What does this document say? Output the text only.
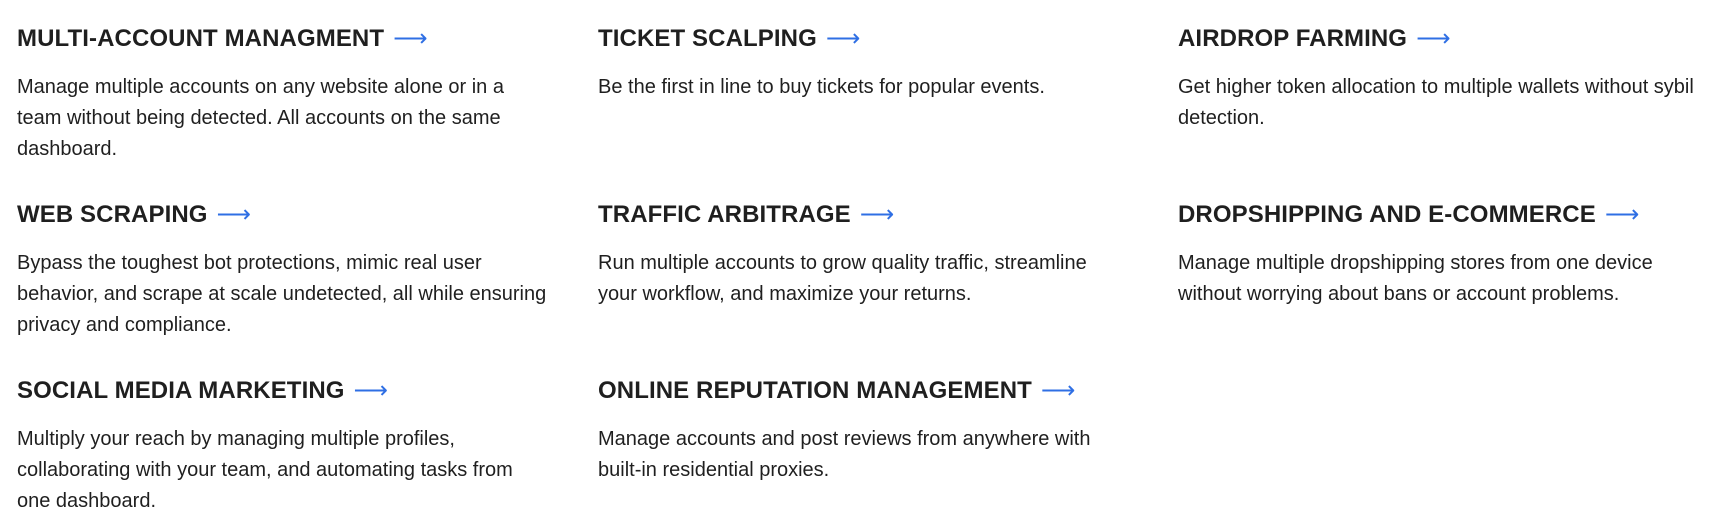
MULTI-ACCOUNT MANAGMENT ⟶

Manage multiple accounts on any website alone or in a team without being detected. All accounts on the same dashboard.

TICKET SCALPING ⟶

Be the first in line to buy tickets for popular events.

AIRDROP FARMING ⟶

Get higher token allocation to multiple wallets without sybil detection.

WEB SCRAPING ⟶

Bypass the toughest bot protections, mimic real user behavior, and scrape at scale undetected, all while ensuring privacy and compliance.

TRAFFIC ARBITRAGE ⟶

Run multiple accounts to grow quality traffic, streamline your workflow, and maximize your returns.

DROPSHIPPING AND E-COMMERCE ⟶

Manage multiple dropshipping stores from one device without worrying about bans or account problems.

SOCIAL MEDIA MARKETING ⟶

Multiply your reach by managing multiple profiles, collaborating with your team, and automating tasks from one dashboard.

ONLINE REPUTATION MANAGEMENT ⟶

Manage accounts and post reviews from anywhere with built-in residential proxies.
